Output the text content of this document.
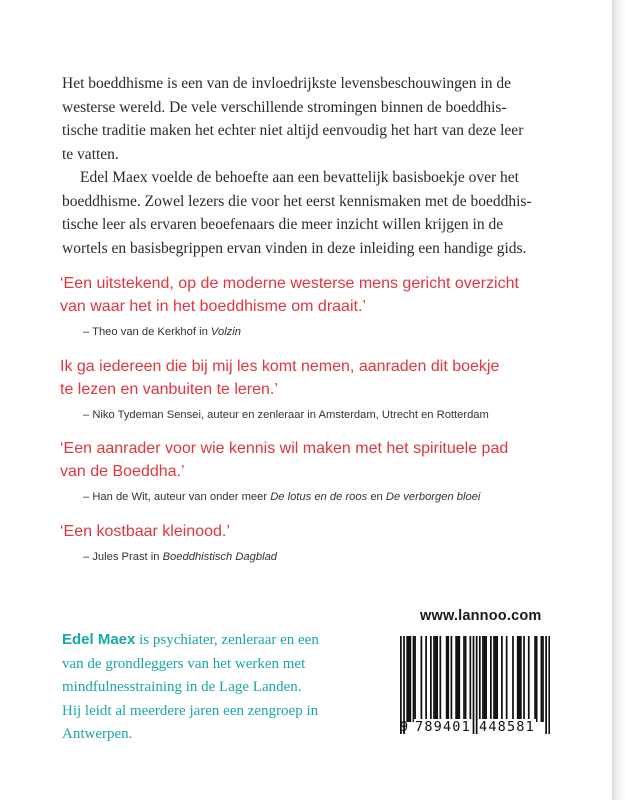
Het boeddhisme is een van de invloedrijkste levensbeschouwingen in de
westerse wereld. De vele verschillende stromingen binnen de boeddhis-
tische traditie maken het echter niet altijd eenvoudig het hart van deze leer
te vatten.

Edel Maex voelde de behoefte aan een bevattelijk basisboekje over het
boeddhisme. Zowel lezers die voor het eerst kennismaken met de boeddhis-
tische leer als ervaren beoefenaars die meer inzicht willen krijgen in de
wortels en basisbegrippen ervan vinden in deze inleiding een handige gids.

‘Een uitstekend, op de moderne westerse mens gericht overzicht
van waar het in het boeddhisme om draait.’
– Theo van de Kerkhof in Volzin
Ik ga iedereen die bij mij les komt nemen, aanraden dit boekje
te lezen en vanbuiten te leren.’
– Niko Tydeman Sensei, auteur en zenleraar in Amsterdam, Utrecht en Rotterdam
‘Een aanrader voor wie kennis wil maken met het spirituele pad
van de Boeddha.’
– Han de Wit, auteur van onder meer De lotus en de roos en De verborgen bloei
‘Een kostbaar kleinood.’
– Jules Prast in Boeddhistisch Dagblad
Edel Maex is psychiater, zenleraar en een
van de grondleggers van het werken met
mindfulnesstraining in de Lage Landen.
Hij leidt al meerdere jaren een zengroep in
Antwerpen.
www.lannoo.com
9 789401 448581
